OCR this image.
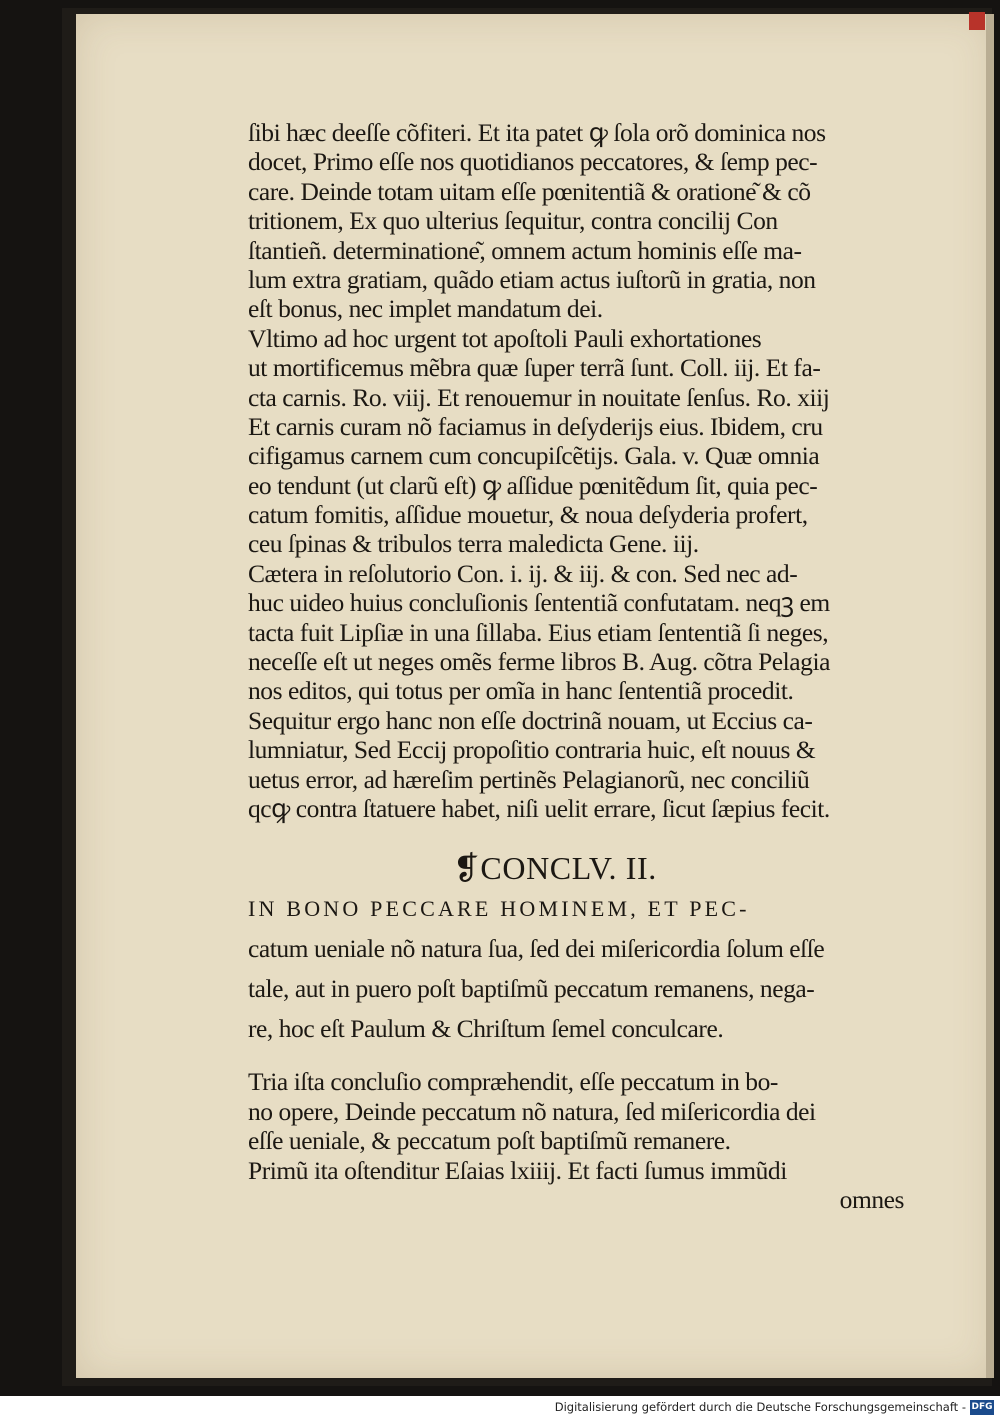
ſibi hæc deeſſe cõfiteri. Et ita patet ꝙ ſola orõ dominica nos
docet, Primo eſſe nos quotidianos peccatores, & ſemp pec-
care. Deinde totam uitam eſſe pœnitentiã & oratione͂ & cõ
tritionem, Ex quo ulterius ſequitur, contra concilij Con
ſtantieñ. determinatione͂, omnem actum hominis eſſe ma-
lum extra gratiam, quãdo etiam actus iuſtorũ in gratia, non
eſt bonus, nec implet mandatum dei.
Vltimo ad hoc urgent tot apoſtoli Pauli exhortationes
ut mortificemus mẽbra quæ ſuper terrã ſunt. Coll. iij. Et fa-
cta carnis. Ro. viij. Et renouemur in nouitate ſenſus. Ro. xiij
Et carnis curam nõ faciamus in deſyderijs eius. Ibidem, cru
cifigamus carnem cum concupiſcẽtijs. Gala. v. Quæ omnia
eo tendunt (ut clarũ eſt) ꝙ aſſidue pœnitẽdum ſit, quia pec-
catum fomitis, aſſidue mouetur, & noua deſyderia profert,
ceu ſpinas & tribulos terra maledicta Gene. iij.
Cætera in reſolutorio Con. i. ij. & iij. & con. Sed nec ad-
huc uideo huius concluſionis ſententiã confutatam. neqꝫ em
tacta fuit Lipſiæ in una ſillaba. Eius etiam ſententiã ſi neges,
neceſſe eſt ut neges omẽs ferme libros B. Aug. cõtra Pelagia
nos editos, qui totus per omĩa in hanc ſententiã procedit.
Sequitur ergo hanc non eſſe doctrinã nouam, ut Eccius ca-
lumniatur, Sed Eccij propoſitio contraria huic, eſt nouus &
uetus error, ad hæreſim pertinẽs Pelagianorũ, nec conciliũ
qcꝙ contra ſtatuere habet, niſi uelit errare, ſicut ſæpius fecit.
❡CONCLV. II.
IN BONO PECCARE HOMINEM, ET PEC-
catum ueniale nõ natura ſua, ſed dei miſericordia ſolum eſſe
tale, aut in puero poſt baptiſmũ peccatum remanens, nega-
re, hoc eſt Paulum & Chriſtum ſemel conculcare.
Tria iſta concluſio compræhendit, eſſe peccatum in bo-
no opere, Deinde peccatum nõ natura, ſed miſericordia dei
eſſe ueniale, & peccatum poſt baptiſmũ remanere.
Primũ ita oſtenditur Eſaias lxiiij. Et facti ſumus immũdi
omnes
Digitalisierung gefördert durch die Deutsche Forschungsgemeinschaft - DFG
